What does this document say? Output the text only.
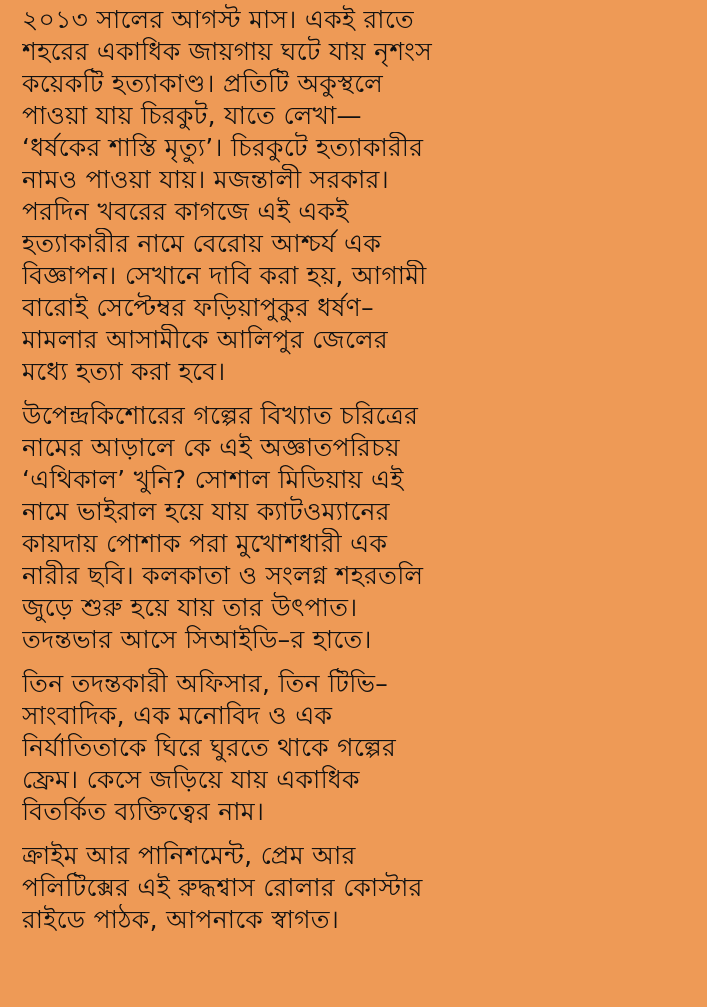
২০১৩ সালের আগস্ট মাস। একই রাতে
শহরের একাধিক জায়গায় ঘটে যায় নৃশংস
কয়েকটি হত্যাকাণ্ড। প্রতিটি অকুস্থলে
পাওয়া যায় চিরকুট, যাতে লেখা—
‘ধর্ষকের শাস্তি মৃত্যু’। চিরকুটে হত্যাকারীর
নামও পাওয়া যায়। মজন্তালী সরকার।
পরদিন খবরের কাগজে এই একই
হত্যাকারীর নামে বেরোয় আশ্চর্য এক
বিজ্ঞাপন। সেখানে দাবি করা হয়, আগামী
বারোই সেপ্টেম্বর ফড়িয়াপুকুর ধর্ষণ–
মামলার আসামীকে আলিপুর জেলের
মধ্যে হত্যা করা হবে।
উপেন্দ্রকিশোরের গল্পের বিখ্যাত চরিত্রের
নামের আড়ালে কে এই অজ্ঞাতপরিচয়
‘এথিকাল’ খুনি? সোশাল মিডিয়ায় এই
নামে ভাইরাল হয়ে যায় ক্যাটওম্যানের
কায়দায় পোশাক পরা মুখোশধারী এক
নারীর ছবি। কলকাতা ও সংলগ্ন শহরতলি
জুড়ে শুরু হয়ে যায় তার উৎপাত।
তদন্তভার আসে সিআইডি–র হাতে।
তিন তদন্তকারী অফিসার, তিন টিভি–
সাংবাদিক, এক মনোবিদ ও এক
নির্যাতিতাকে ঘিরে ঘুরতে থাকে গল্পের
ফ্রেম। কেসে জড়িয়ে যায় একাধিক
বিতর্কিত ব্যক্তিত্বের নাম।
ক্রাইম আর পানিশমেন্ট, প্রেম আর
পলিটিক্সের এই রুদ্ধশ্বাস রোলার কোস্টার
রাইডে পাঠক, আপনাকে স্বাগত।
